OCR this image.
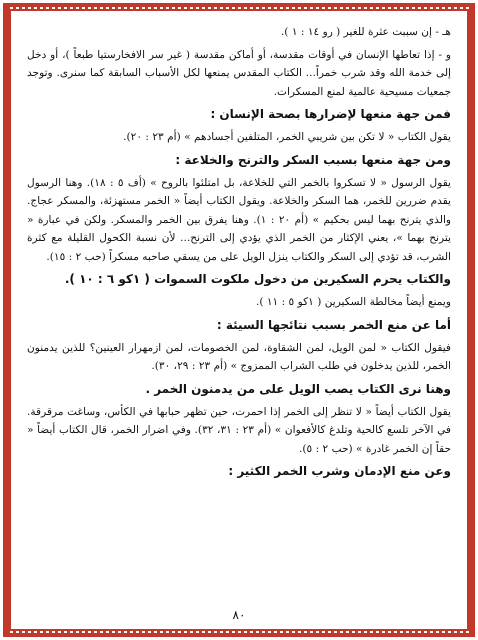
هـ - إن سببت عثرة للغير ( رو ١٤ : ١ ).

و - إذا تعاطها الإنسان في أوقات مقدسة، أو أماكن مقدسة ( غير سر الافخارستيا طبعاً )، أو دخل إلى خدمة الله وقد شرب خمراً... الكتاب المقدس يمنعها لكل الأسباب السابقة كما سنرى. وتوجد جمعيات مسيحية عالمية لمنع المسكرات.

فمن جهة منعها لإضرارها بصحة الإنسان :

يقول الكتاب « لا تكن بين شريبي الخمر، المتلفين أجسادهم » (أم ٢٣ : ٢٠).

ومن جهة منعها بسبب السكر والترنح والخلاعة :

يقول الرسول « لا تسكروا بالخمر التي للخلاعة، بل امتلئوا بالروح » (أف ٥ : ١٨). وهنا الرسول يقدم ضررين للخمر، هما السكر والخلاعة. ويقول الكتاب أيضاً « الخمر مستهزئة، والمسكر عجاج. والذي يترنح بهما ليس بحكيم » (أم ٢٠ : ١). وهنا يفرق بين الخمر والمسكر. ولكن في عبارة « يترنح بهما »، يعني الإكثار من الخمر الذي يؤدي إلى الترنح... لأن نسبة الكحول القليلة مع كثرة الشرب، قد تؤدي إلى السكر والكتاب ينزل الويل على من يسقي صاحبه مسكراً (حب ٢ : ١٥).

والكتاب يحرم السكيرين من دخول ملكوت السموات ( ١كو ٦ : ١٠ ).

ويمنع أيضاً مخالطة السكيرين ( ١كو ٥ : ١١ ).

أما عن منع الخمر بسبب نتائجها السيئة :

فيقول الكتاب « لمن الويل، لمن الشقاوة، لمن الخصومات، لمن ازمهرار العينين؟ للذين يدمنون الخمر، للذين يدخلون في طلب الشراب الممزوج » (أم ٢٣ : ٢٩، ٣٠).

وهنا نرى الكتاب يصب الويل على من يدمنون الخمر .

يقول الكتاب أيضاً « لا تنظر إلى الخمر إذا احمرت، حين تظهر حبابها في الكأس، وساغت مرقرقة. في الآخر تلسع كالحية وتلدغ كالأفعوان » (أم ٢٣ : ٣١، ٣٢). وفي اضرار الخمر، قال الكتاب أيضاً « حقاً إن الخمر غادرة » (حب ٢ : ٥).

وعن منع الإدمان وشرب الخمر الكثير :

٨٠
